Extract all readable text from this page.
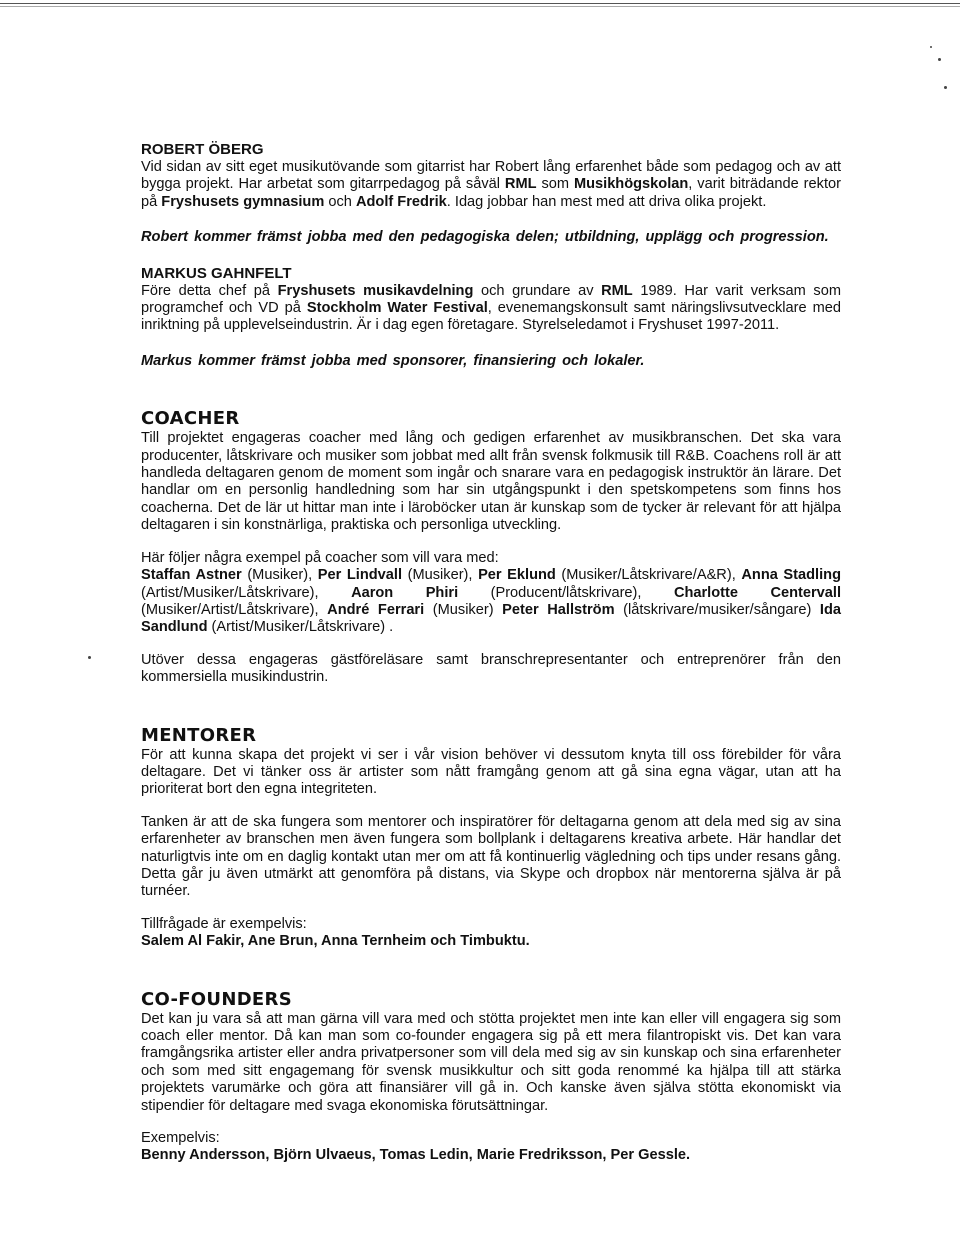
ROBERT ÖBERG

Vid sidan av sitt eget musikutövande som gitarrist har Robert lång erfarenhet både som pedagog och av att bygga projekt. Har arbetat som gitarrpedagog på såväl RML som Musikhögskolan, varit biträdande rektor på Fryshusets gymnasium och Adolf Fredrik. Idag jobbar han mest med att driva olika projekt.

Robert kommer främst jobba med den pedagogiska delen; utbildning, upplägg och progression.

MARKUS GAHNFELT

Före detta chef på Fryshusets musikavdelning och grundare av RML 1989. Har varit verksam som programchef och VD på Stockholm Water Festival, evenemangskonsult samt näringslivsutvecklare med inriktning på upplevelseindustrin. Är i dag egen företagare. Styrelseledamot i Fryshuset 1997-2011.

Markus kommer främst jobba med sponsorer, finansiering och lokaler.

COACHER

Till projektet engageras coacher med lång och gedigen erfarenhet av musikbranschen. Det ska vara producenter, låtskrivare och musiker som jobbat med allt från svensk folkmusik till R&B. Coachens roll är att handleda deltagaren genom de moment som ingår och snarare vara en pedagogisk instruktör än lärare. Det handlar om en personlig handledning som har sin utgångspunkt i den spetskompetens som finns hos coacherna. Det de lär ut hittar man inte i läroböcker utan är kunskap som de tycker är relevant för att hjälpa deltagaren i sin konstnärliga, praktiska och personliga utveckling.

Här följer några exempel på coacher som vill vara med:

Staffan Astner (Musiker), Per Lindvall (Musiker), Per Eklund (Musiker/Låtskrivare/A&R), Anna Stadling (Artist/Musiker/Låtskrivare), Aaron Phiri (Producent/låtskrivare), Charlotte Centervall (Musiker/Artist/Låtskrivare), André Ferrari (Musiker) Peter Hallström (låtskrivare/musiker/sångare) Ida Sandlund (Artist/Musiker/Låtskrivare) .

Utöver dessa engageras gästföreläsare samt branschrepresentanter och entreprenörer från den kommersiella musikindustrin.

MENTORER

För att kunna skapa det projekt vi ser i vår vision behöver vi dessutom knyta till oss förebilder för våra deltagare. Det vi tänker oss är artister som nått framgång genom att gå sina egna vägar, utan att ha prioriterat bort den egna integriteten.

Tanken är att de ska fungera som mentorer och inspiratörer för deltagarna genom att dela med sig av sina erfarenheter av branschen men även fungera som bollplank i deltagarens kreativa arbete. Här handlar det naturligtvis inte om en daglig kontakt utan mer om att få kontinuerlig vägledning och tips under resans gång. Detta går ju även utmärkt att genomföra på distans, via Skype och dropbox när mentorerna själva är på turnéer.

Tillfrågade är exempelvis:

Salem Al Fakir, Ane Brun, Anna Ternheim och Timbuktu.

CO-FOUNDERS

Det kan ju vara så att man gärna vill vara med och stötta projektet men inte kan eller vill engagera sig som coach eller mentor. Då kan man som co-founder engagera sig på ett mera filantropiskt vis. Det kan vara framgångsrika artister eller andra privatpersoner som vill dela med sig av sin kunskap och sina erfarenheter och som med sitt engagemang för svensk musikkultur och sitt goda renommé ka hjälpa till att stärka projektets varumärke och göra att finansiärer vill gå in. Och kanske även själva stötta ekonomiskt via stipendier för deltagare med svaga ekonomiska förutsättningar.

Exempelvis:

Benny Andersson, Björn Ulvaeus, Tomas Ledin, Marie Fredriksson, Per Gessle.
